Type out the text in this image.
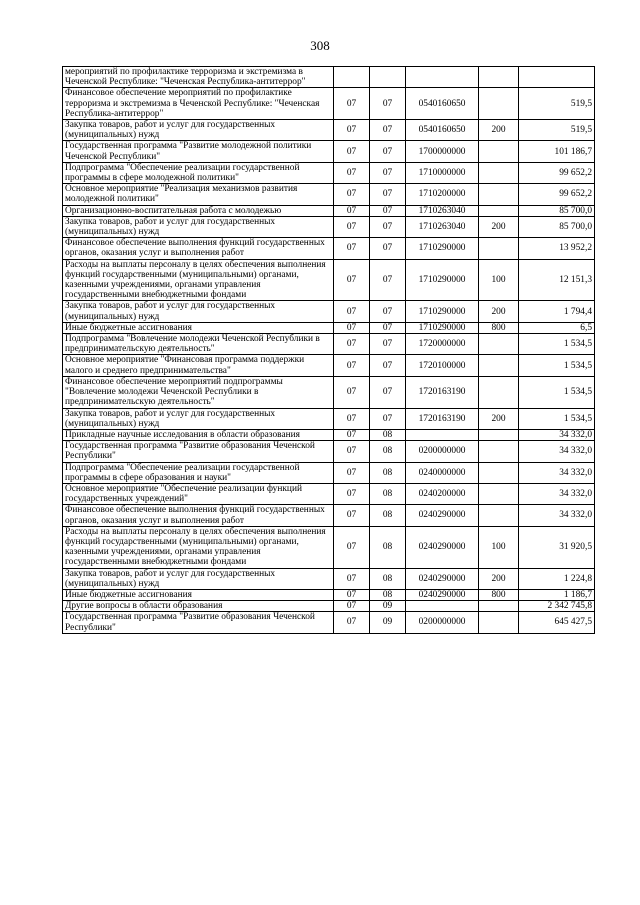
308
мероприятий по профилактике терроризма и экстремизма в Чеченской Республике: "Чеченская Республика-антитеррор"					
Финансовое обеспечение мероприятий по профилактике терроризма и экстремизма в Чеченской Республике: "Чеченская Республика-антитеррор"	07	07	0540160650		519,5
Закупка товаров, работ и услуг для государственных (муниципальных) нужд	07	07	0540160650	200	519,5
Государственная программа "Развитие молодежной политики Чеченской Республики"	07	07	1700000000		101 186,7
Подпрограмма "Обеспечение реализации государственной программы в сфере молодежной политики"	07	07	1710000000		99 652,2
Основное мероприятие "Реализация механизмов развития молодежной политики"	07	07	1710200000		99 652,2
Организационно-воспитательная работа с молодежью	07	07	1710263040		85 700,0
Закупка товаров, работ и услуг для государственных (муниципальных) нужд	07	07	1710263040	200	85 700,0
Финансовое обеспечение выполнения функций государственных органов, оказания услуг и выполнения работ	07	07	1710290000		13 952,2
Расходы на выплаты персоналу в целях обеспечения выполнения функций государственными (муниципальными) органами, казенными учреждениями, органами управления государственными внебюджетными фондами	07	07	1710290000	100	12 151,3
Закупка товаров, работ и услуг для государственных (муниципальных) нужд	07	07	1710290000	200	1 794,4
Иные бюджетные ассигнования	07	07	1710290000	800	6,5
Подпрограмма "Вовлечение молодежи Чеченской Республики в предпринимательскую деятельность"	07	07	1720000000		1 534,5
Основное мероприятие "Финансовая программа поддержки малого и среднего предпринимательства"	07	07	1720100000		1 534,5
Финансовое обеспечение мероприятий подпрограммы "Вовлечение молодежи Чеченской Республики в предпринимательскую деятельность"	07	07	1720163190		1 534,5
Закупка товаров, работ и услуг для государственных (муниципальных) нужд	07	07	1720163190	200	1 534,5
Прикладные научные исследования в области образования	07	08			34 332,0
Государственная программа "Развитие образования Чеченской Республики"	07	08	0200000000		34 332,0
Подпрограмма "Обеспечение реализации государственной программы в сфере образования и науки"	07	08	0240000000		34 332,0
Основное мероприятие "Обеспечение реализации функций государственных учреждений"	07	08	0240200000		34 332,0
Финансовое обеспечение выполнения функций государственных органов, оказания услуг и выполнения работ	07	08	0240290000		34 332,0
Расходы на выплаты персоналу в целях обеспечения выполнения функций государственными (муниципальными) органами, казенными учреждениями, органами управления государственными внебюджетными фондами	07	08	0240290000	100	31 920,5
Закупка товаров, работ и услуг для государственных (муниципальных) нужд	07	08	0240290000	200	1 224,8
Иные бюджетные ассигнования	07	08	0240290000	800	1 186,7
Другие вопросы в области образования	07	09			2 342 745,8
Государственная программа "Развитие образования Чеченской Республики"	07	09	0200000000		645 427,5
